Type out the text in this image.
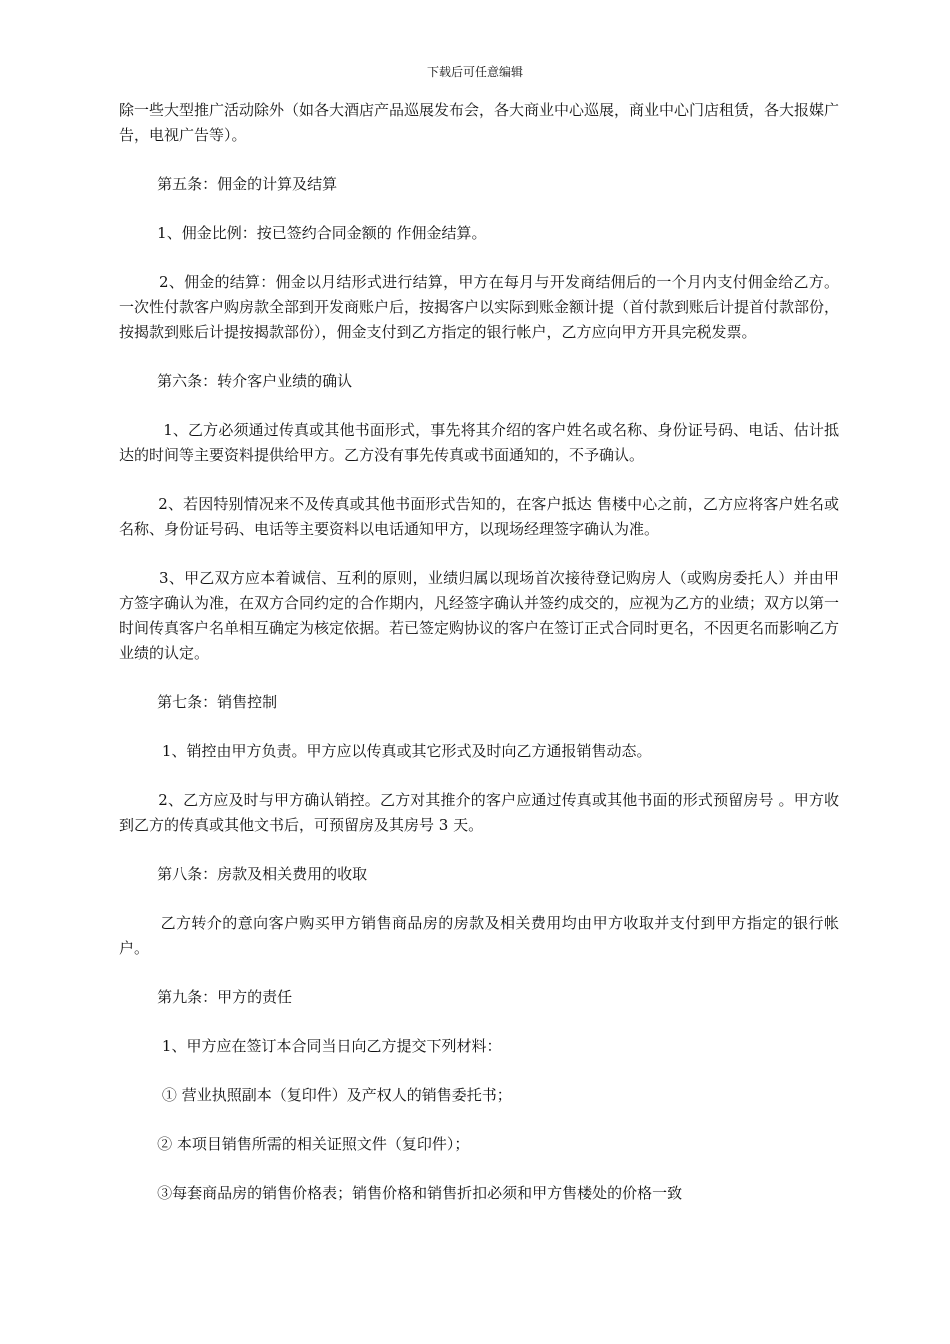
下载后可任意编辑

除一些大型推广活动除外（如各大酒店产品巡展发布会，各大商业中心巡展，商业中心门店租赁，各大报媒广告，电视广告等）。

第五条：佣金的计算及结算

1、佣金比例：按已签约合同金额的 作佣金结算。

2、佣金的结算：佣金以月结形式进行结算，甲方在每月与开发商结佣后的一个月内支付佣金给乙方。一次性付款客户购房款全部到开发商账户后，按揭客户以实际到账金额计提（首付款到账后计提首付款部份，按揭款到账后计提按揭款部份），佣金支付到乙方指定的银行帐户，乙方应向甲方开具完税发票。

第六条：转介客户业绩的确认

1、乙方必须通过传真或其他书面形式，事先将其介绍的客户姓名或名称、身份证号码、电话、估计抵达的时间等主要资料提供给甲方。乙方没有事先传真或书面通知的，不予确认。

2、若因特别情况来不及传真或其他书面形式告知的，在客户抵达 售楼中心之前，乙方应将客户姓名或名称、身份证号码、电话等主要资料以电话通知甲方，以现场经理签字确认为准。

3、甲乙双方应本着诚信、互利的原则，业绩归属以现场首次接待登记购房人（或购房委托人）并由甲方签字确认为准，在双方合同约定的合作期内，凡经签字确认并签约成交的，应视为乙方的业绩；双方以第一时间传真客户名单相互确定为核定依据。若已签定购协议的客户在签订正式合同时更名，不因更名而影响乙方业绩的认定。

第七条：销售控制

1、销控由甲方负责。甲方应以传真或其它形式及时向乙方通报销售动态。

2、乙方应及时与甲方确认销控。乙方对其推介的客户应通过传真或其他书面的形式预留房号 。甲方收到乙方的传真或其他文书后，可预留房及其房号 3 天。

第八条：房款及相关费用的收取

乙方转介的意向客户购买甲方销售商品房的房款及相关费用均由甲方收取并支付到甲方指定的银行帐户。

第九条：甲方的责任

1、甲方应在签订本合同当日向乙方提交下列材料：

① 营业执照副本（复印件）及产权人的销售委托书；

② 本项目销售所需的相关证照文件（复印件）；

③每套商品房的销售价格表；销售价格和销售折扣必须和甲方售楼处的价格一致
